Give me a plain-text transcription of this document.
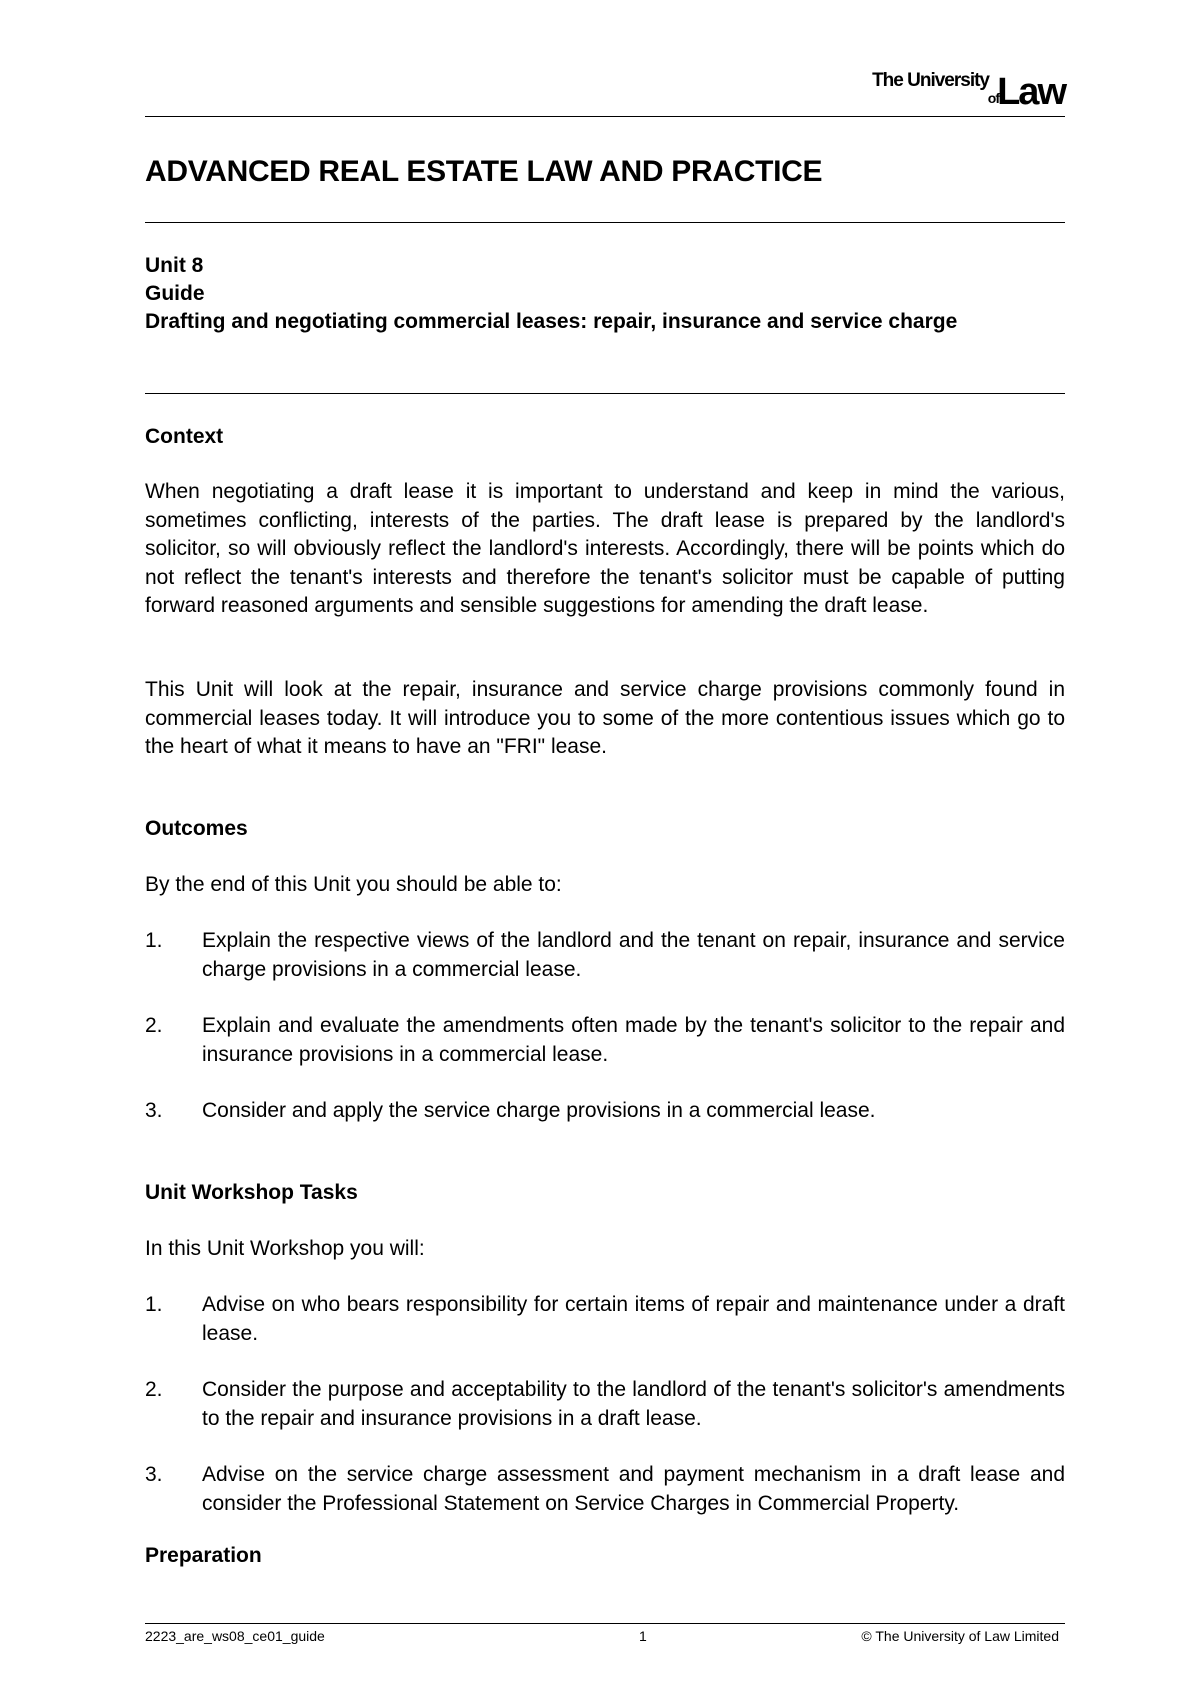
The University
of
Law
ADVANCED REAL ESTATE LAW AND PRACTICE
Unit 8
Guide
Drafting and negotiating commercial leases: repair, insurance and service charge
Context
When negotiating a draft lease it is important to understand and keep in mind the various, sometimes conflicting, interests of the parties. The draft lease is prepared by the landlord's solicitor, so will obviously reflect the landlord's interests. Accordingly, there will be points which do not reflect the tenant's interests and therefore the tenant's solicitor must be capable of putting forward reasoned arguments and sensible suggestions for amending the draft lease.
This Unit will look at the repair, insurance and service charge provisions commonly found in commercial leases today. It will introduce you to some of the more contentious issues which go to the heart of what it means to have an "FRI" lease.
Outcomes
By the end of this Unit you should be able to:
1. Explain the respective views of the landlord and the tenant on repair, insurance and service charge provisions in a commercial lease.
2. Explain and evaluate the amendments often made by the tenant's solicitor to the repair and insurance provisions in a commercial lease.
3. Consider and apply the service charge provisions in a commercial lease.
Unit Workshop Tasks
In this Unit Workshop you will:
1. Advise on who bears responsibility for certain items of repair and maintenance under a draft lease.
2. Consider the purpose and acceptability to the landlord of the tenant's solicitor's amendments to the repair and insurance provisions in a draft lease.
3. Advise on the service charge assessment and payment mechanism in a draft lease and consider the Professional Statement on Service Charges in Commercial Property.
Preparation
2223_are_ws08_ce01_guide	1	© The University of Law Limited
